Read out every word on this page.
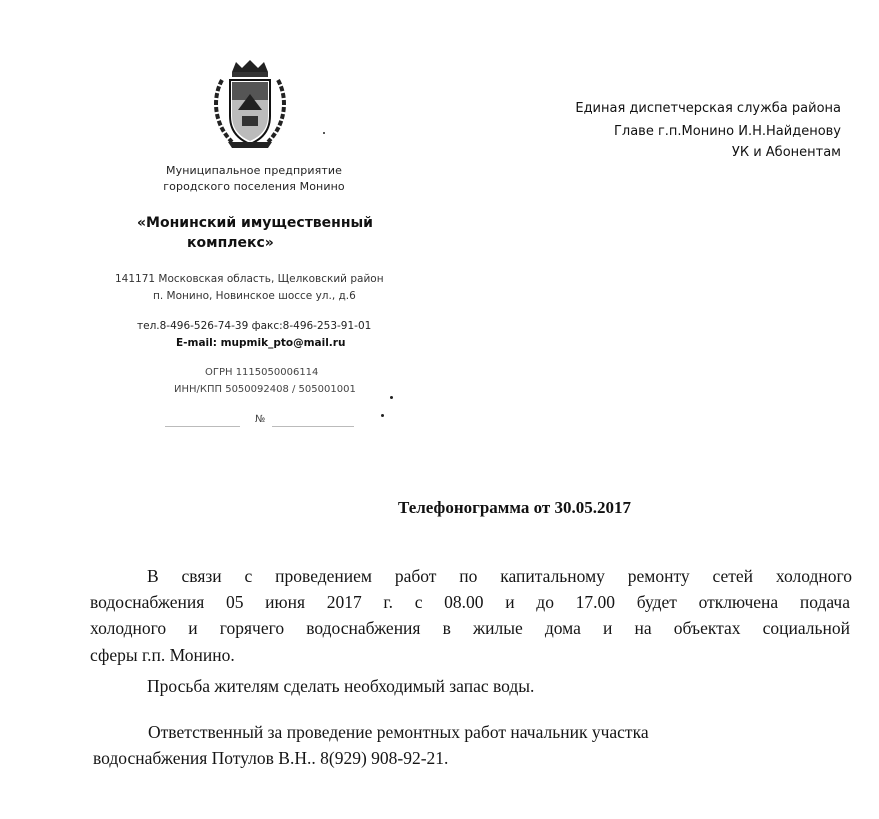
Муниципальное предприятие
городского поселения Монино
«Монинский имущественный
комплекс»
141171 Московская область, Щелковский район
п. Монино, Новинское шоссе ул., д.6
тел.8-496-526-74-39 факс:8-496-253-91-01
E-mail: mupmik_pto@mail.ru
ОГРН 1115050006114
ИНН/КПП 5050092408 / 505001001
№
Единая диспетчерская служба района
Главе г.п.Монино И.Н.Найденову
УК и Абонентам
Телефонограмма от 30.05.2017
В связи с проведением работ по капитальному ремонту сетей холодного
водоснабжения 05 июня 2017 г. с 08.00 и до 17.00 будет отключена подача
холодного и горячего водоснабжения в жилые дома и на объектах социальной
сферы г.п. Монино.
Просьба жителям сделать необходимый запас воды.
Ответственный за проведение ремонтных работ начальник участка
водоснабжения Потулов В.Н.. 8(929) 908-92-21.
